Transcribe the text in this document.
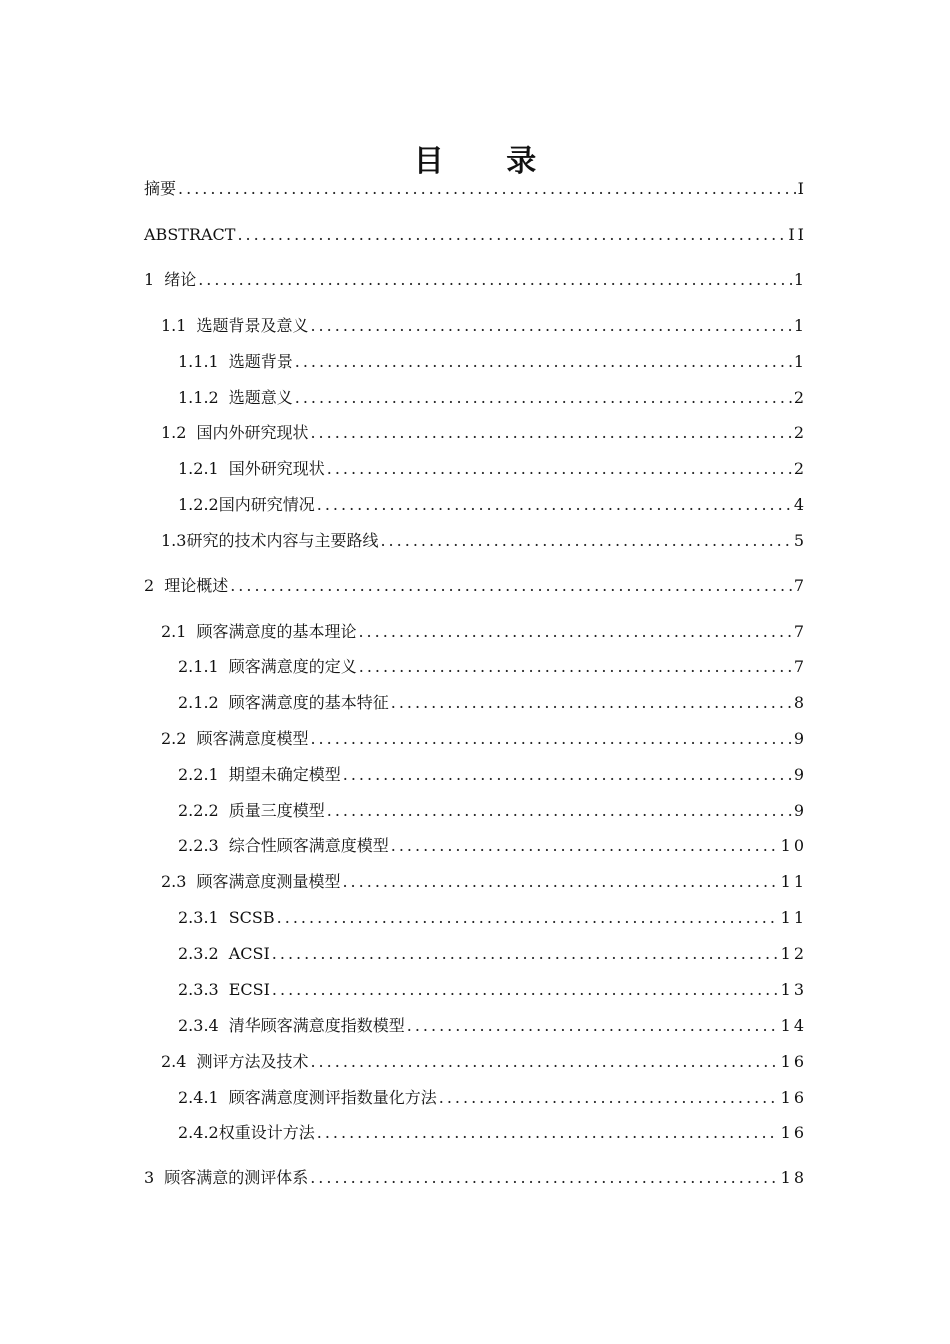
目 录
摘要 .....	I
ABSTRACT .....	II
1 绪论 .....	1
1.1 选题背景及意义 .....	1
1.1.1 选题背景 .....	1
1.1.2 选题意义 .....	2
1.2 国内外研究现状 .....	2
1.2.1 国外研究现状 .....	2
1.2.2国内研究情况 .....	4
1.3研究的技术内容与主要路线 .....	5
2 理论概述 .....	7
2.1 顾客满意度的基本理论 .....	7
2.1.1 顾客满意度的定义 .....	7
2.1.2 顾客满意度的基本特征 .....	8
2.2 顾客满意度模型 .....	9
2.2.1 期望未确定模型 .....	9
2.2.2 质量三度模型 .....	9
2.2.3 综合性顾客满意度模型 .....	10
2.3 顾客满意度测量模型 .....	11
2.3.1 SCSB .....	11
2.3.2 ACSI .....	12
2.3.3 ECSI .....	13
2.3.4 清华顾客满意度指数模型 .....	14
2.4 测评方法及技术 .....	16
2.4.1 顾客满意度测评指数量化方法 .....	16
2.4.2权重设计方法 .....	16
3 顾客满意的测评体系 .....	18
